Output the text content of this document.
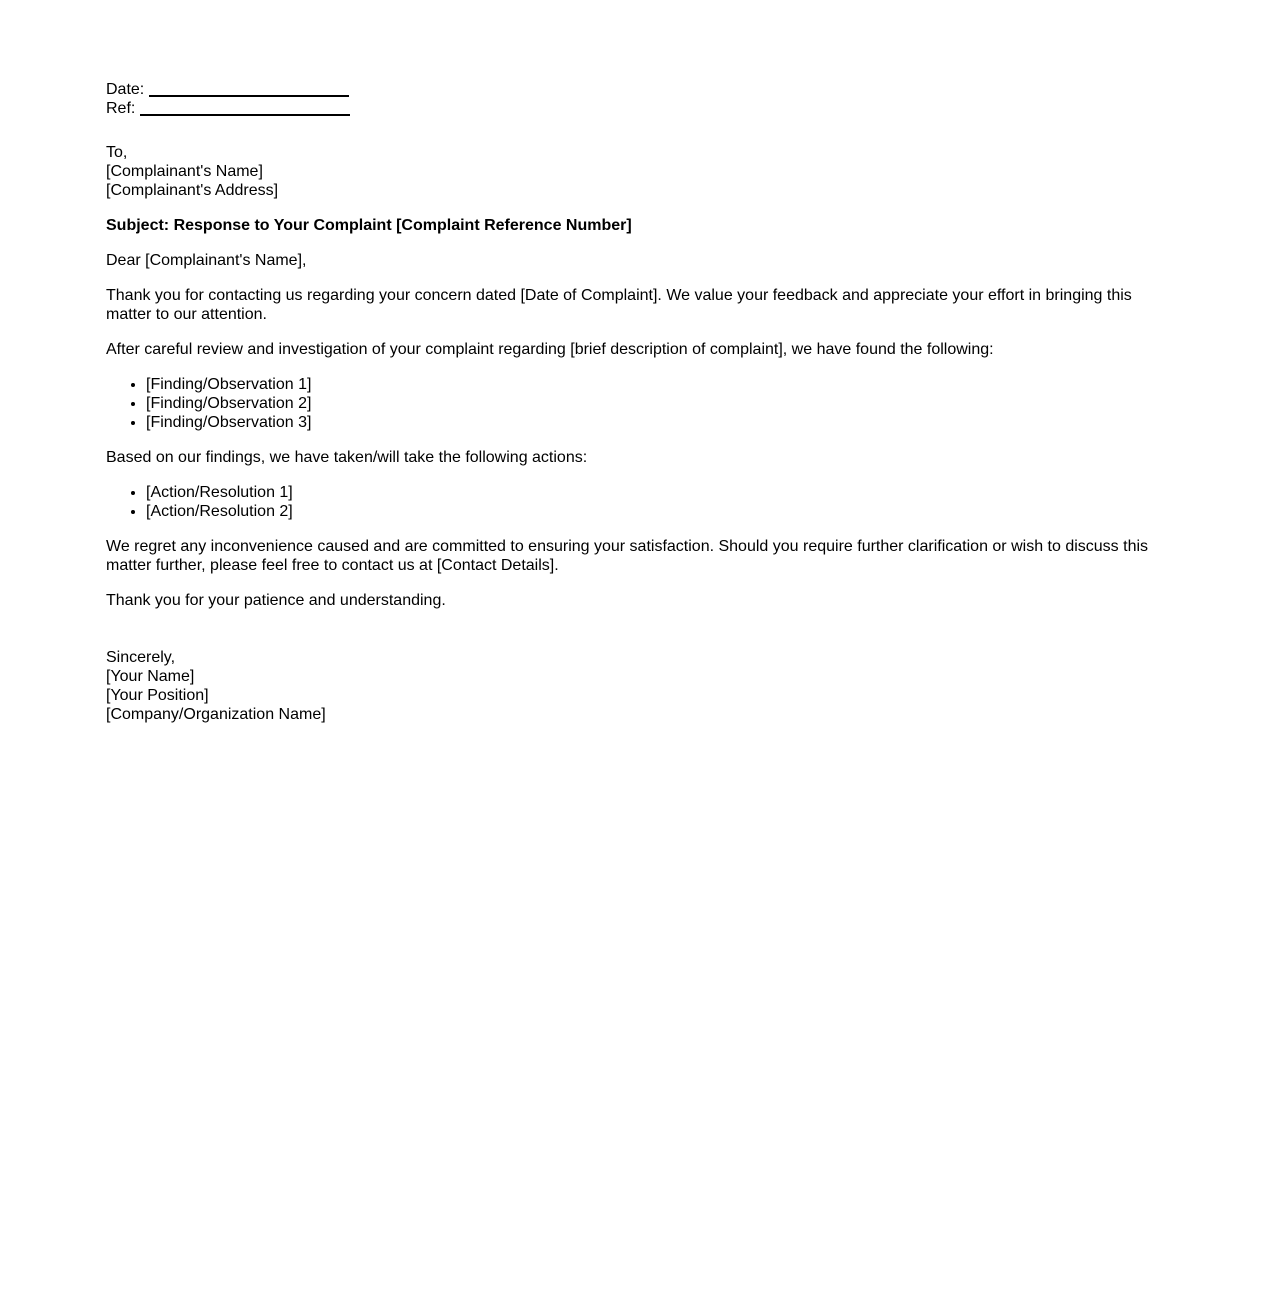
Date:
Ref:

To,
[Complainant's Name]
[Complainant's Address]

Subject: Response to Your Complaint [Complaint Reference Number]

Dear [Complainant's Name],

Thank you for contacting us regarding your concern dated [Date of Complaint]. We value your feedback and appreciate your effort in bringing this matter to our attention.

After careful review and investigation of your complaint regarding [brief description of complaint], we have found the following:

• [Finding/Observation 1]
• [Finding/Observation 2]
• [Finding/Observation 3]

Based on our findings, we have taken/will take the following actions:

• [Action/Resolution 1]
• [Action/Resolution 2]

We regret any inconvenience caused and are committed to ensuring your satisfaction. Should you require further clarification or wish to discuss this matter further, please feel free to contact us at [Contact Details].

Thank you for your patience and understanding.

Sincerely,
[Your Name]
[Your Position]
[Company/Organization Name]
